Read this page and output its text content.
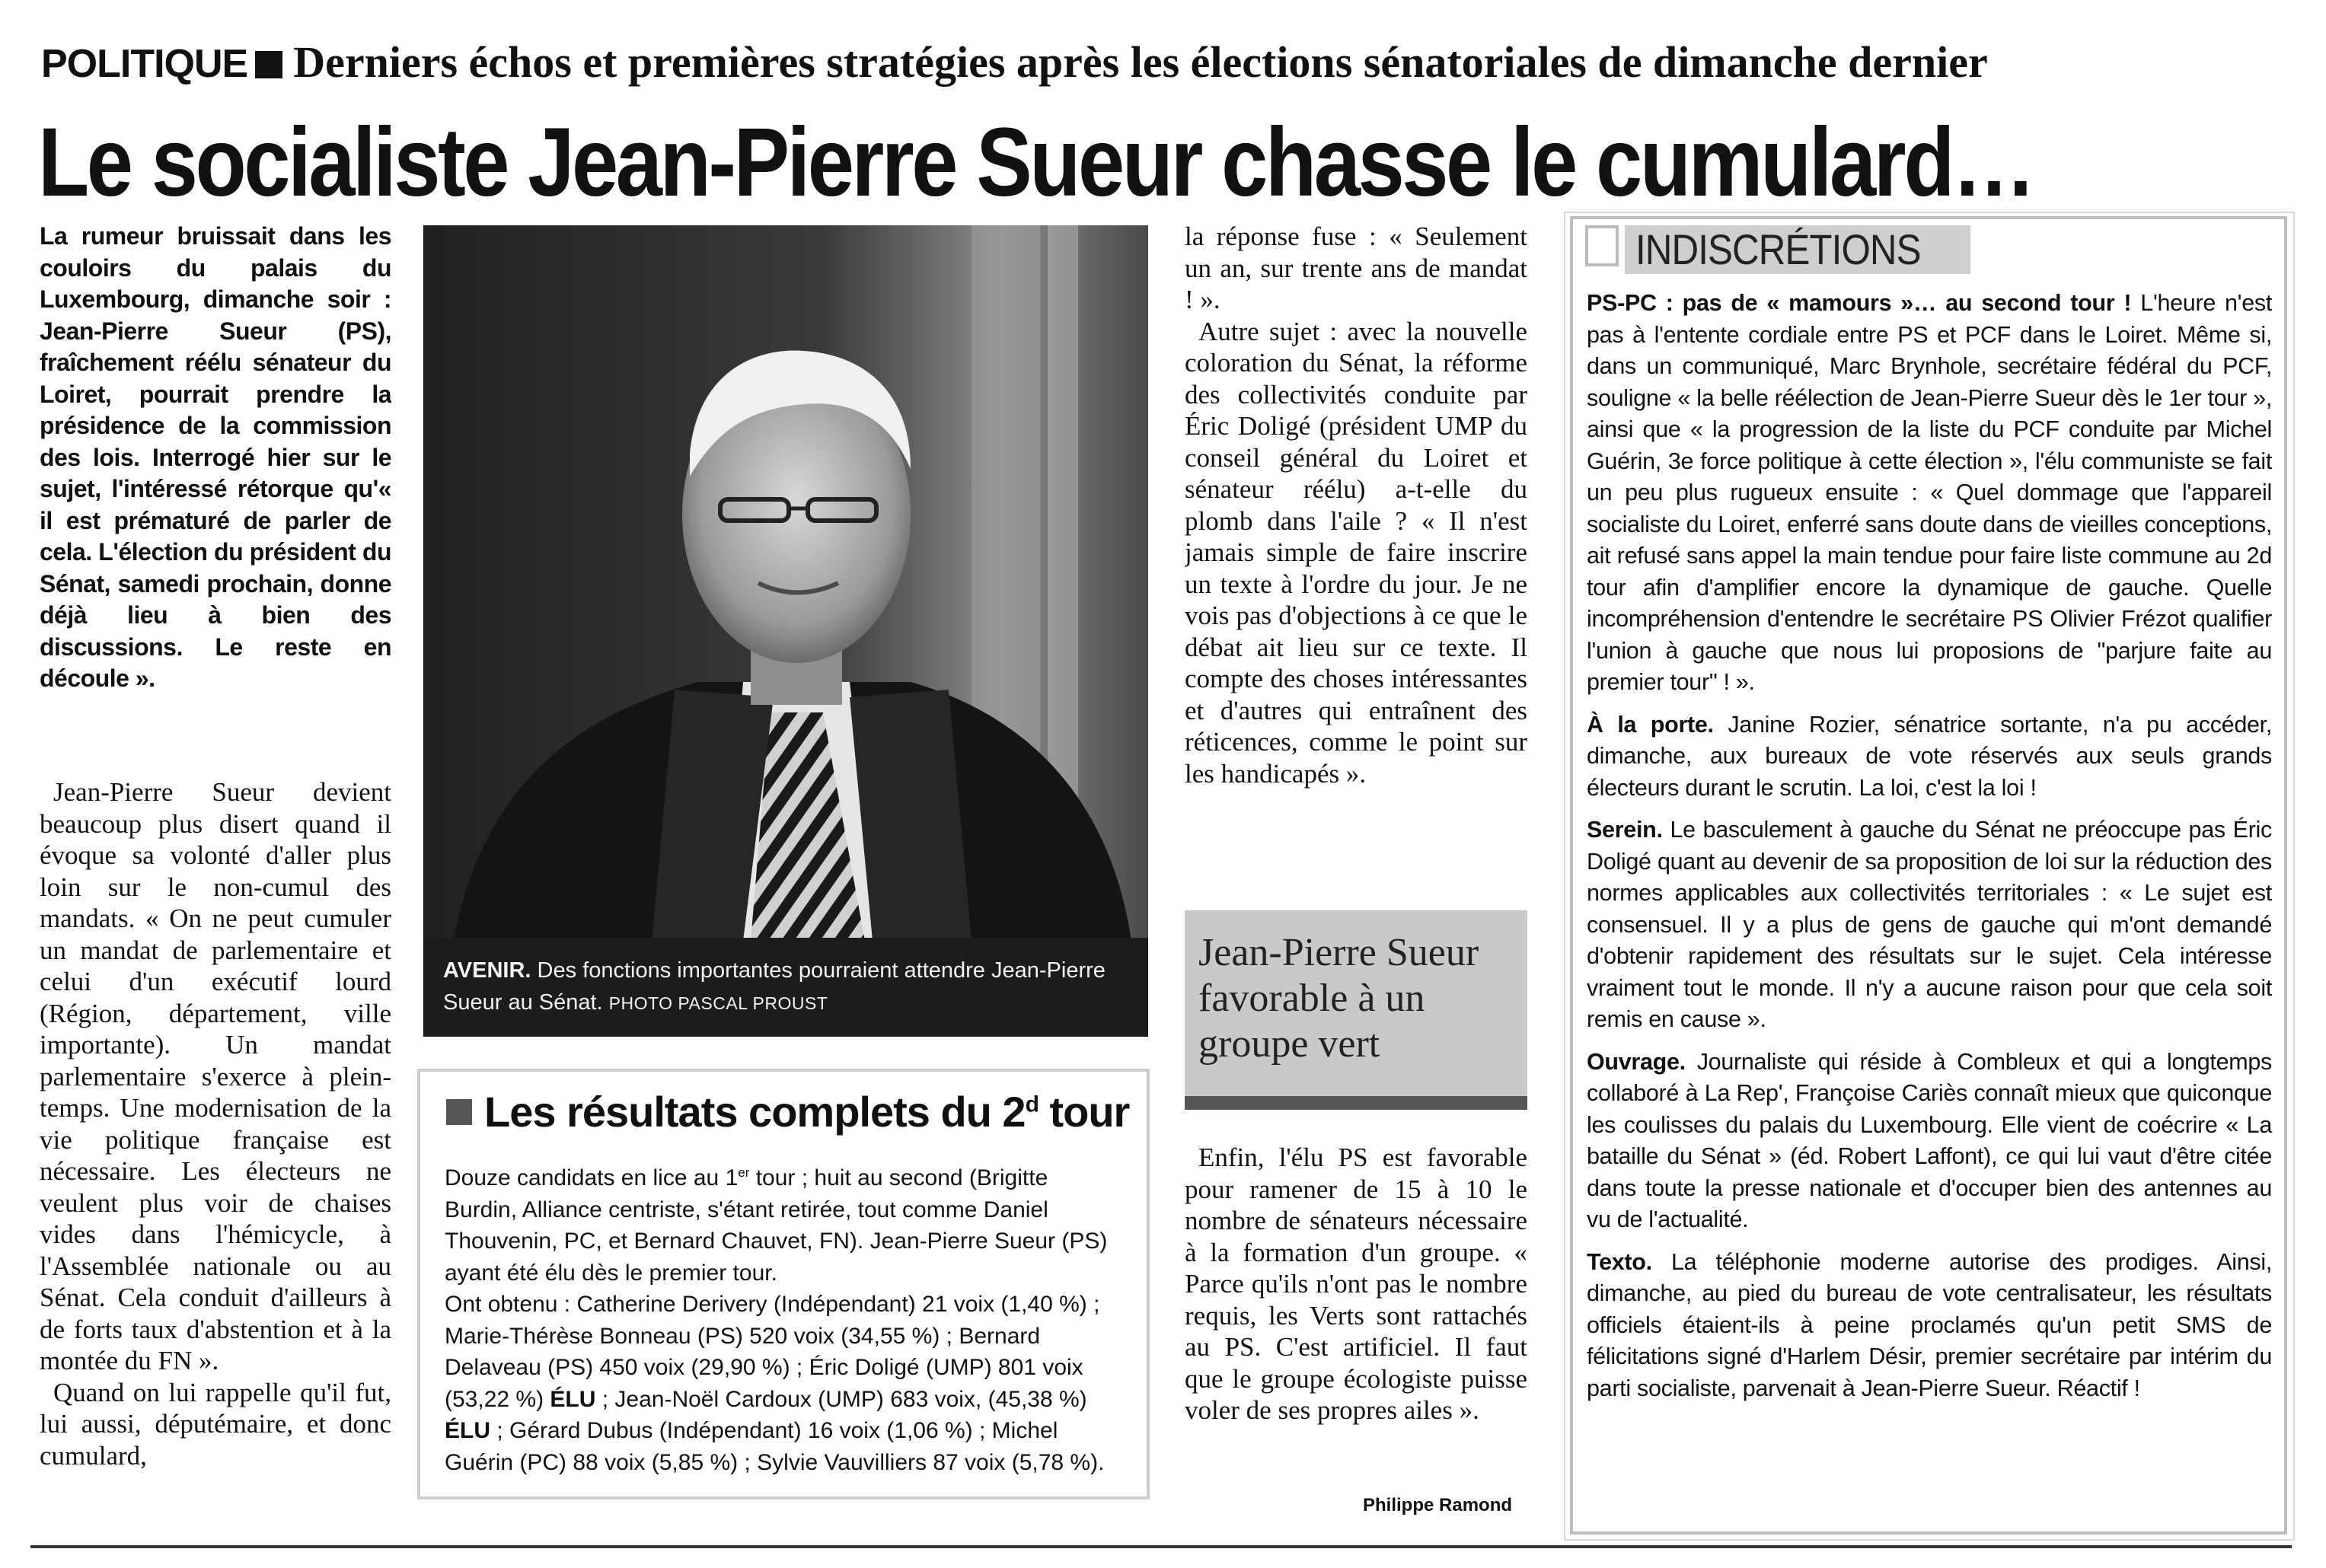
POLITIQUE Derniers échos et premières stratégies après les élections sénatoriales de dimanche dernier
Le socialiste Jean-Pierre Sueur chasse le cumulard…

La rumeur bruissait dans les couloirs du palais du Luxembourg, dimanche soir : Jean-Pierre Sueur (PS), fraîchement réélu sénateur du Loiret, pourrait prendre la présidence de la commission des lois. Interrogé hier sur le sujet, l'intéressé rétorque qu'« il est prématuré de parler de cela. L'élection du président du Sénat, samedi prochain, donne déjà lieu à bien des discussions. Le reste en découle ».

Jean-Pierre Sueur devient beaucoup plus disert quand il évoque sa volonté d'aller plus loin sur le non-cumul des mandats. « On ne peut cumuler un mandat de parlementaire et celui d'un exécutif lourd (Région, département, ville importante). Un mandat parlementaire s'exerce à plein-temps. Une modernisation de la vie politique française est nécessaire. Les électeurs ne veulent plus voir de chaises vides dans l'hémicycle, à l'Assemblée nationale ou au Sénat. Cela conduit d'ailleurs à de forts taux d'abstention et à la montée du FN ».

Quand on lui rappelle qu'il fut, lui aussi, députémaire, et donc cumulard,

AVENIR. Des fonctions importantes pourraient attendre Jean-Pierre Sueur au Sénat. PHOTO PASCAL PROUST
Les résultats complets du 2$^d$ tour
Douze candidats en lice au 1er tour ; huit au second (Brigitte Burdin, Alliance centriste, s'étant retirée, tout comme Daniel Thouvenin, PC, et Bernard Chauvet, FN). Jean-Pierre Sueur (PS) ayant été élu dès le premier tour.
Ont obtenu : Catherine Derivery (Indépendant) 21 voix (1,40 %) ; Marie-Thérèse Bonneau (PS) 520 voix (34,55 %) ; Bernard Delaveau (PS) 450 voix (29,90 %) ; Éric Doligé (UMP) 801 voix (53,22 %) ÉLU ; Jean-Noël Cardoux (UMP) 683 voix, (45,38 %) ÉLU ; Gérard Dubus (Indépendant) 16 voix (1,06 %) ; Michel Guérin (PC) 88 voix (5,85 %) ; Sylvie Vauvilliers 87 voix (5,78 %).

la réponse fuse : « Seulement un an, sur trente ans de mandat ! ».

Autre sujet : avec la nouvelle coloration du Sénat, la réforme des collectivités conduite par Éric Doligé (président UMP du conseil général du Loiret et sénateur réélu) a-t-elle du plomb dans l'aile ? « Il n'est jamais simple de faire inscrire un texte à l'ordre du jour. Je ne vois pas d'objections à ce que le débat ait lieu sur ce texte. Il compte des choses intéressantes et d'autres qui entraînent des réticences, comme le point sur les handicapés ».

Jean-Pierre Sueur favorable à un groupe vert

Enfin, l'élu PS est favorable pour ramener de 15 à 10 le nombre de sénateurs nécessaire à la formation d'un groupe. « Parce qu'ils n'ont pas le nombre requis, les Verts sont rattachés au PS. C'est artificiel. Il faut que le groupe écologiste puisse voler de ses propres ailes ».

Philippe Ramond
INDISCRÉTIONS

PS-PC : pas de « mamours »… au second tour ! L'heure n'est pas à l'entente cordiale entre PS et PCF dans le Loiret. Même si, dans un communiqué, Marc Brynhole, secrétaire fédéral du PCF, souligne « la belle réélection de Jean-Pierre Sueur dès le 1er tour », ainsi que « la progression de la liste du PCF conduite par Michel Guérin, 3e force politique à cette élection », l'élu communiste se fait un peu plus rugueux ensuite : « Quel dommage que l'appareil socialiste du Loiret, enferré sans doute dans de vieilles conceptions, ait refusé sans appel la main tendue pour faire liste commune au 2d tour afin d'amplifier encore la dynamique de gauche. Quelle incompréhension d'entendre le secrétaire PS Olivier Frézot qualifier l'union à gauche que nous lui proposions de "parjure faite au premier tour" ! ».

À la porte. Janine Rozier, sénatrice sortante, n'a pu accéder, dimanche, aux bureaux de vote réservés aux seuls grands électeurs durant le scrutin. La loi, c'est la loi !

Serein. Le basculement à gauche du Sénat ne préoccupe pas Éric Doligé quant au devenir de sa proposition de loi sur la réduction des normes applicables aux collectivités territoriales : « Le sujet est consensuel. Il y a plus de gens de gauche qui m'ont demandé d'obtenir rapidement des résultats sur le sujet. Cela intéresse vraiment tout le monde. Il n'y a aucune raison pour que cela soit remis en cause ».

Ouvrage. Journaliste qui réside à Combleux et qui a longtemps collaboré à La Rep', Françoise Cariès connaît mieux que quiconque les coulisses du palais du Luxembourg. Elle vient de coécrire « La bataille du Sénat » (éd. Robert Laffont), ce qui lui vaut d'être citée dans toute la presse nationale et d'occuper bien des antennes au vu de l'actualité.

Texto. La téléphonie moderne autorise des prodiges. Ainsi, dimanche, au pied du bureau de vote centralisateur, les résultats officiels étaient-ils à peine proclamés qu'un petit SMS de félicitations signé d'Harlem Désir, premier secrétaire par intérim du parti socialiste, parvenait à Jean-Pierre Sueur. Réactif !
